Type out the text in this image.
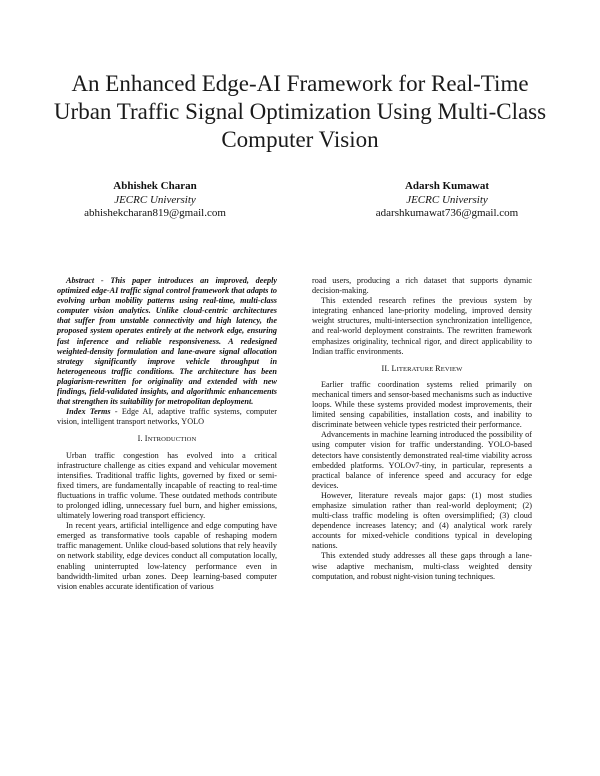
An Enhanced Edge-AI Framework for Real-Time Urban Traffic Signal Optimization Using Multi-Class Computer Vision
Abhishek Charan
JECRC University
abhishekcharan819@gmail.com
Adarsh Kumawat
JECRC University
adarshkumawat736@gmail.com

Abstract - This paper introduces an improved, deeply optimized edge-AI traffic signal control framework that adapts to evolving urban mobility patterns using real-time, multi-class computer vision analytics. Unlike cloud-centric architectures that suffer from unstable connectivity and high latency, the proposed system operates entirely at the network edge, ensuring fast inference and reliable responsiveness. A redesigned weighted-density formulation and lane-aware signal allocation strategy significantly improve vehicle throughput in heterogeneous traffic conditions. The architecture has been plagiarism-rewritten for originality and extended with new findings, field-validated insights, and algorithmic enhancements that strengthen its suitability for metropolitan deployment.

Index Terms - Edge AI, adaptive traffic systems, computer vision, intelligent transport networks, YOLO

I. INTRODUCTION

Urban traffic congestion has evolved into a critical infrastructure challenge as cities expand and vehicular movement intensifies. Traditional traffic lights, governed by fixed or semi-fixed timers, are fundamentally incapable of reacting to real-time fluctuations in traffic volume. These outdated methods contribute to prolonged idling, unnecessary fuel burn, and higher emissions, ultimately lowering road transport efficiency.

In recent years, artificial intelligence and edge computing have emerged as transformative tools capable of reshaping modern traffic management. Unlike cloud-based solutions that rely heavily on network stability, edge devices conduct all computation locally, enabling uninterrupted low-latency performance even in bandwidth-limited urban zones. Deep learning-based computer vision enables accurate identification of various

road users, producing a rich dataset that supports dynamic decision-making.

This extended research refines the previous system by integrating enhanced lane-priority modeling, improved density weight structures, multi-intersection synchronization intelligence, and real-world deployment constraints. The rewritten framework emphasizes originality, technical rigor, and direct applicability to Indian traffic environments.

II. LITERATURE REVIEW

Earlier traffic coordination systems relied primarily on mechanical timers and sensor-based mechanisms such as inductive loops. While these systems provided modest improvements, their limited sensing capabilities, installation costs, and inability to discriminate between vehicle types restricted their performance.

Advancements in machine learning introduced the possibility of using computer vision for traffic understanding. YOLO-based detectors have consistently demonstrated real-time viability across embedded platforms. YOLOv7-tiny, in particular, represents a practical balance of inference speed and accuracy for edge devices.

However, literature reveals major gaps: (1) most studies emphasize simulation rather than real-world deployment; (2) multi-class traffic modeling is often oversimplified; (3) cloud dependence increases latency; and (4) analytical work rarely accounts for mixed-vehicle conditions typical in developing nations.

This extended study addresses all these gaps through a lane-wise adaptive mechanism, multi-class weighted density computation, and robust night-vision tuning techniques.
